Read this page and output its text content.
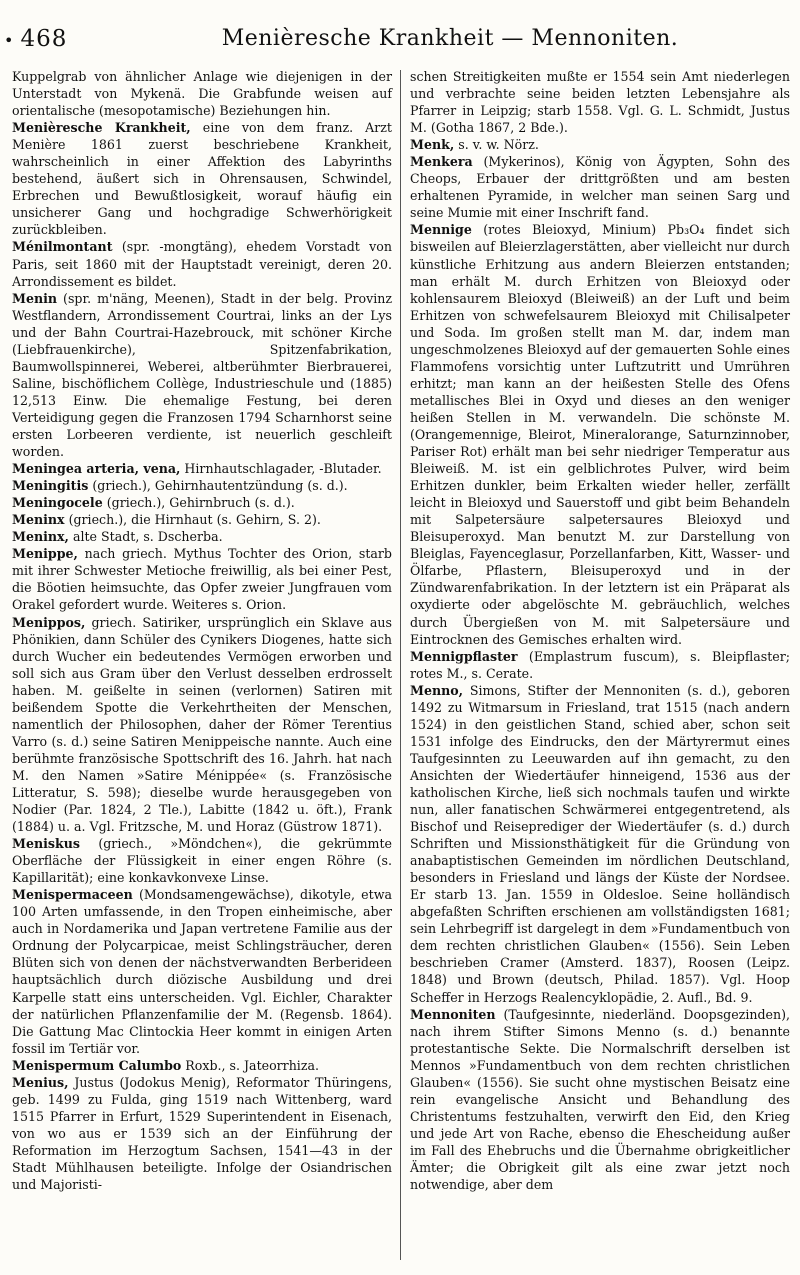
• 468	Menièresche Krankheit — Mennoniten.

Kuppelgrab von ähnlicher Anlage wie diejenigen in der Unterstadt von Mykenä. Die Grabfunde weisen auf orientalische (mesopotamische) Beziehungen hin.

Menièresche Krankheit, eine von dem franz. Arzt Menière 1861 zuerst beschriebene Krankheit, wahrscheinlich in einer Affektion des Labyrinths bestehend, äußert sich in Ohrensausen, Schwindel, Erbrechen und Bewußtlosigkeit, worauf häufig ein unsicherer Gang und hochgradige Schwerhörigkeit zurückbleiben.

Ménilmontant (spr. -mongtäng), ehedem Vorstadt von Paris, seit 1860 mit der Hauptstadt vereinigt, deren 20. Arrondissement es bildet.

Menin (spr. m'näng, Meenen), Stadt in der belg. Provinz Westflandern, Arrondissement Courtrai, links an der Lys und der Bahn Courtrai-Hazebrouck, mit schöner Kirche (Liebfrauenkirche), Spitzenfabrikation, Baumwollspinnerei, Weberei, altberühmter Bierbrauerei, Saline, bischöflichem Collège, Industrieschule und (1885) 12,513 Einw. Die ehemalige Festung, bei deren Verteidigung gegen die Franzosen 1794 Scharnhorst seine ersten Lorbeeren verdiente, ist neuerlich geschleift worden.

Meningea arteria, vena, Hirnhautschlagader, -Blutader.

Meningitis (griech.), Gehirnhautentzündung (s. d.).

Meningocele (griech.), Gehirnbruch (s. d.).

Meninx (griech.), die Hirnhaut (s. Gehirn, S. 2).

Meninx, alte Stadt, s. Dscherba.

Menippe, nach griech. Mythus Tochter des Orion, starb mit ihrer Schwester Metioche freiwillig, als bei einer Pest, die Böotien heimsuchte, das Opfer zweier Jungfrauen vom Orakel gefordert wurde. Weiteres s. Orion.

Menippos, griech. Satiriker, ursprünglich ein Sklave aus Phönikien, dann Schüler des Cynikers Diogenes, hatte sich durch Wucher ein bedeutendes Vermögen erworben und soll sich aus Gram über den Verlust desselben erdrosselt haben. M. geißelte in seinen (verlornen) Satiren mit beißendem Spotte die Verkehrtheiten der Menschen, namentlich der Philosophen, daher der Römer Terentius Varro (s. d.) seine Satiren Menippeische nannte. Auch eine berühmte französische Spottschrift des 16. Jahrh. hat nach M. den Namen »Satire Ménippée« (s. Französische Litteratur, S. 598); dieselbe wurde herausgegeben von Nodier (Par. 1824, 2 Tle.), Labitte (1842 u. öft.), Frank (1884) u. a. Vgl. Fritzsche, M. und Horaz (Güstrow 1871).

Meniskus (griech., »Möndchen«), die gekrümmte Oberfläche der Flüssigkeit in einer engen Röhre (s. Kapillarität); eine konkavkonvexe Linse.

Menispermaceen (Mondsamengewächse), dikotyle, etwa 100 Arten umfassende, in den Tropen einheimische, aber auch in Nordamerika und Japan vertretene Familie aus der Ordnung der Polycarpicae, meist Schlingsträucher, deren Blüten sich von denen der nächstverwandten Berberideen hauptsächlich durch diözische Ausbildung und drei Karpelle statt eins unterscheiden. Vgl. Eichler, Charakter der natürlichen Pflanzenfamilie der M. (Regensb. 1864). Die Gattung Mac Clintockia Heer kommt in einigen Arten fossil im Tertiär vor.

Menispermum Calumbo Roxb., s. Jateorrhiza.

Menius, Justus (Jodokus Menig), Reformator Thüringens, geb. 1499 zu Fulda, ging 1519 nach Wittenberg, ward 1515 Pfarrer in Erfurt, 1529 Superintendent in Eisenach, von wo aus er 1539 sich an der Einführung der Reformation im Herzogtum Sachsen, 1541—43 in der Stadt Mühlhausen beteiligte. Infolge der Osiandrischen und Majoristi-

schen Streitigkeiten mußte er 1554 sein Amt niederlegen und verbrachte seine beiden letzten Lebensjahre als Pfarrer in Leipzig; starb 1558. Vgl. G. L. Schmidt, Justus M. (Gotha 1867, 2 Bde.).

Menk, s. v. w. Nörz.

Menkera (Mykerinos), König von Ägypten, Sohn des Cheops, Erbauer der drittgrößten und am besten erhaltenen Pyramide, in welcher man seinen Sarg und seine Mumie mit einer Inschrift fand.

Mennige (rotes Bleioxyd, Minium) Pb₃O₄ findet sich bisweilen auf Bleierzlagerstätten, aber vielleicht nur durch künstliche Erhitzung aus andern Bleierzen entstanden; man erhält M. durch Erhitzen von Bleioxyd oder kohlensaurem Bleioxyd (Bleiweiß) an der Luft und beim Erhitzen von schwefelsaurem Bleioxyd mit Chilisalpeter und Soda. Im großen stellt man M. dar, indem man ungeschmolzenes Bleioxyd auf der gemauerten Sohle eines Flammofens vorsichtig unter Luftzutritt und Umrühren erhitzt; man kann an der heißesten Stelle des Ofens metallisches Blei in Oxyd und dieses an den weniger heißen Stellen in M. verwandeln. Die schönste M. (Orangemennige, Bleirot, Mineralorange, Saturnzinnober, Pariser Rot) erhält man bei sehr niedriger Temperatur aus Bleiweiß. M. ist ein gelblichrotes Pulver, wird beim Erhitzen dunkler, beim Erkalten wieder heller, zerfällt leicht in Bleioxyd und Sauerstoff und gibt beim Behandeln mit Salpetersäure salpetersaures Bleioxyd und Bleisuperoxyd. Man benutzt M. zur Darstellung von Bleiglas, Fayenceglasur, Porzellanfarben, Kitt, Wasser- und Ölfarbe, Pflastern, Bleisuperoxyd und in der Zündwarenfabrikation. In der letztern ist ein Präparat als oxydierte oder abgelöschte M. gebräuchlich, welches durch Übergießen von M. mit Salpetersäure und Eintrocknen des Gemisches erhalten wird.

Mennigpflaster (Emplastrum fuscum), s. Bleipflaster; rotes M., s. Cerate.

Menno, Simons, Stifter der Mennoniten (s. d.), geboren 1492 zu Witmarsum in Friesland, trat 1515 (nach andern 1524) in den geistlichen Stand, schied aber, schon seit 1531 infolge des Eindrucks, den der Märtyrermut eines Taufgesinnten zu Leeuwarden auf ihn gemacht, zu den Ansichten der Wiedertäufer hinneigend, 1536 aus der katholischen Kirche, ließ sich nochmals taufen und wirkte nun, aller fanatischen Schwärmerei entgegentretend, als Bischof und Reiseprediger der Wiedertäufer (s. d.) durch Schriften und Missionsthätigkeit für die Gründung von anabaptistischen Gemeinden im nördlichen Deutschland, besonders in Friesland und längs der Küste der Nordsee. Er starb 13. Jan. 1559 in Oldesloe. Seine holländisch abgefaßten Schriften erschienen am vollständigsten 1681; sein Lehrbegriff ist dargelegt in dem »Fundamentbuch von dem rechten christlichen Glauben« (1556). Sein Leben beschrieben Cramer (Amsterd. 1837), Roosen (Leipz. 1848) und Brown (deutsch, Philad. 1857). Vgl. Hoop Scheffer in Herzogs Realencyklopädie, 2. Aufl., Bd. 9.

Mennoniten (Taufgesinnte, niederländ. Doopsgezinden), nach ihrem Stifter Simons Menno (s. d.) benannte protestantische Sekte. Die Normalschrift derselben ist Mennos »Fundamentbuch von dem rechten christlichen Glauben« (1556). Sie sucht ohne mystischen Beisatz eine rein evangelische Ansicht und Behandlung des Christentums festzuhalten, verwirft den Eid, den Krieg und jede Art von Rache, ebenso die Ehescheidung außer im Fall des Ehebruchs und die Übernahme obrigkeitlicher Ämter; die Obrigkeit gilt als eine zwar jetzt noch notwendige, aber dem
